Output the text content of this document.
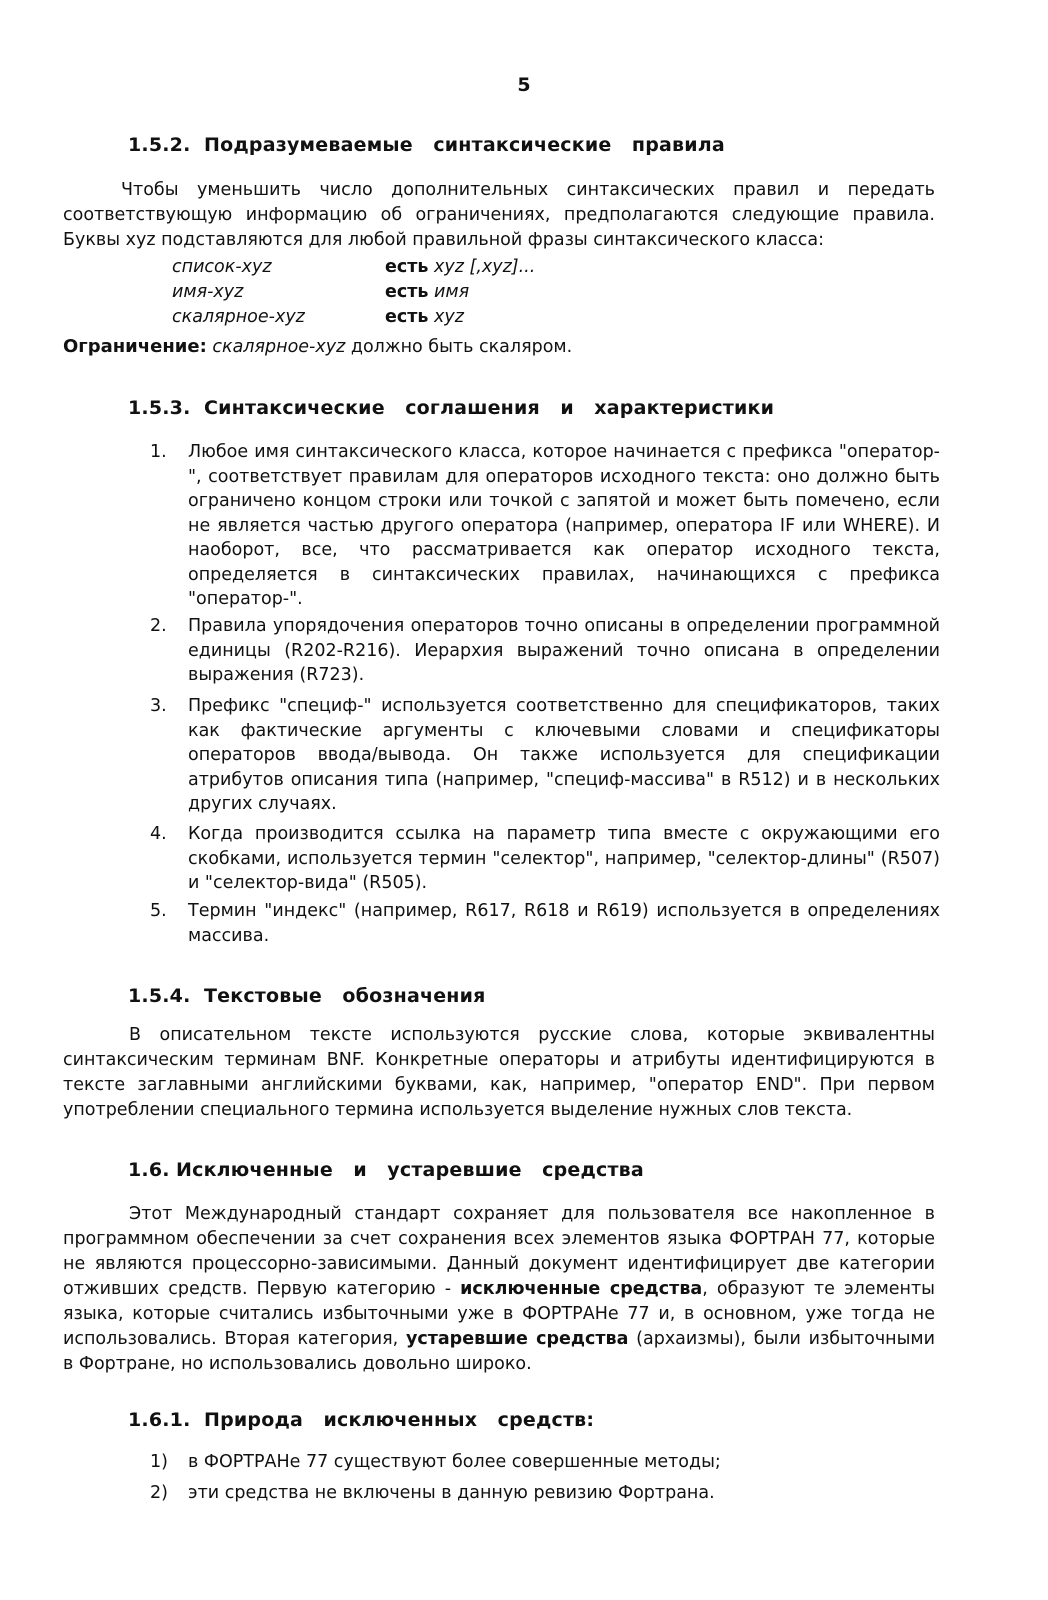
5
1.5.2. Подразумеваемые   синтаксические   правила
Чтобы уменьшить число дополнительных синтаксических правил и передать соответствующую информацию об ограничениях, предполагаются следующие правила. Буквы xyz подставляются для любой правильной фразы синтаксического класса:
список-xyz	есть xyz [,xyz]...
имя-xyz	есть имя
скалярное-xyz	есть xyz
Ограничение: скалярное-xyz должно быть скаляром.
1.5.3. Синтаксические   соглашения   и   характеристики
1.	Любое имя синтаксического класса, которое начинается с префикса "оператор-", соответствует правилам для операторов исходного текста: оно должно быть ограничено концом строки или точкой с запятой и может быть помечено, если не является частью другого оператора (например, оператора IF или WHERE). И наоборот, все, что рассматривается как оператор исходного текста, определяется в синтаксических правилах, начинающихся с префикса "оператор-".
2.	Правила упорядочения операторов точно описаны в определении программной единицы (R202-R216). Иерархия выражений точно описана в определении выражения (R723).
3.	Префикс "специф-" используется соответственно для спецификаторов, таких как фактические аргументы с ключевыми словами и спецификаторы операторов ввода/вывода. Он также используется для спецификации атрибутов описания типа (например, "специф-массива" в R512) и в нескольких других случаях.
4.	Когда производится ссылка на параметр типа вместе с окружающими его скобками, используется термин "селектор", например, "селектор-длины" (R507) и "селектор-вида" (R505).
5.	Термин "индекс" (например, R617, R618 и R619) используется в определениях массива.
1.5.4. Текстовые   обозначения
В описательном тексте используются русские слова, которые эквивалентны синтаксическим терминам BNF. Конкретные операторы и атрибуты идентифицируются в тексте заглавными английскими буквами, как, например, "оператор END". При первом употреблении специального термина используется выделение нужных слов текста.
1.6. Исключенные   и   устаревшие   средства
Этот Международный стандарт сохраняет для пользователя все накопленное в программном обеспечении за счет сохранения всех элементов языка ФОРТРАН 77, которые не являются процессорно-зависимыми. Данный документ идентифицирует две категории отживших средств. Первую категорию - исключенные средства, образуют те элементы языка, которые считались избыточными уже в ФОРТРАНе 77 и, в основном, уже тогда не использовались. Вторая категория, устаревшие средства (архаизмы), были избыточными в Фортране, но использовались довольно широко.
1.6.1. Природа   исключенных   средств:
1) в ФОРТРАНе 77 существуют более совершенные методы;
2) эти средства не включены в данную ревизию Фортрана.
